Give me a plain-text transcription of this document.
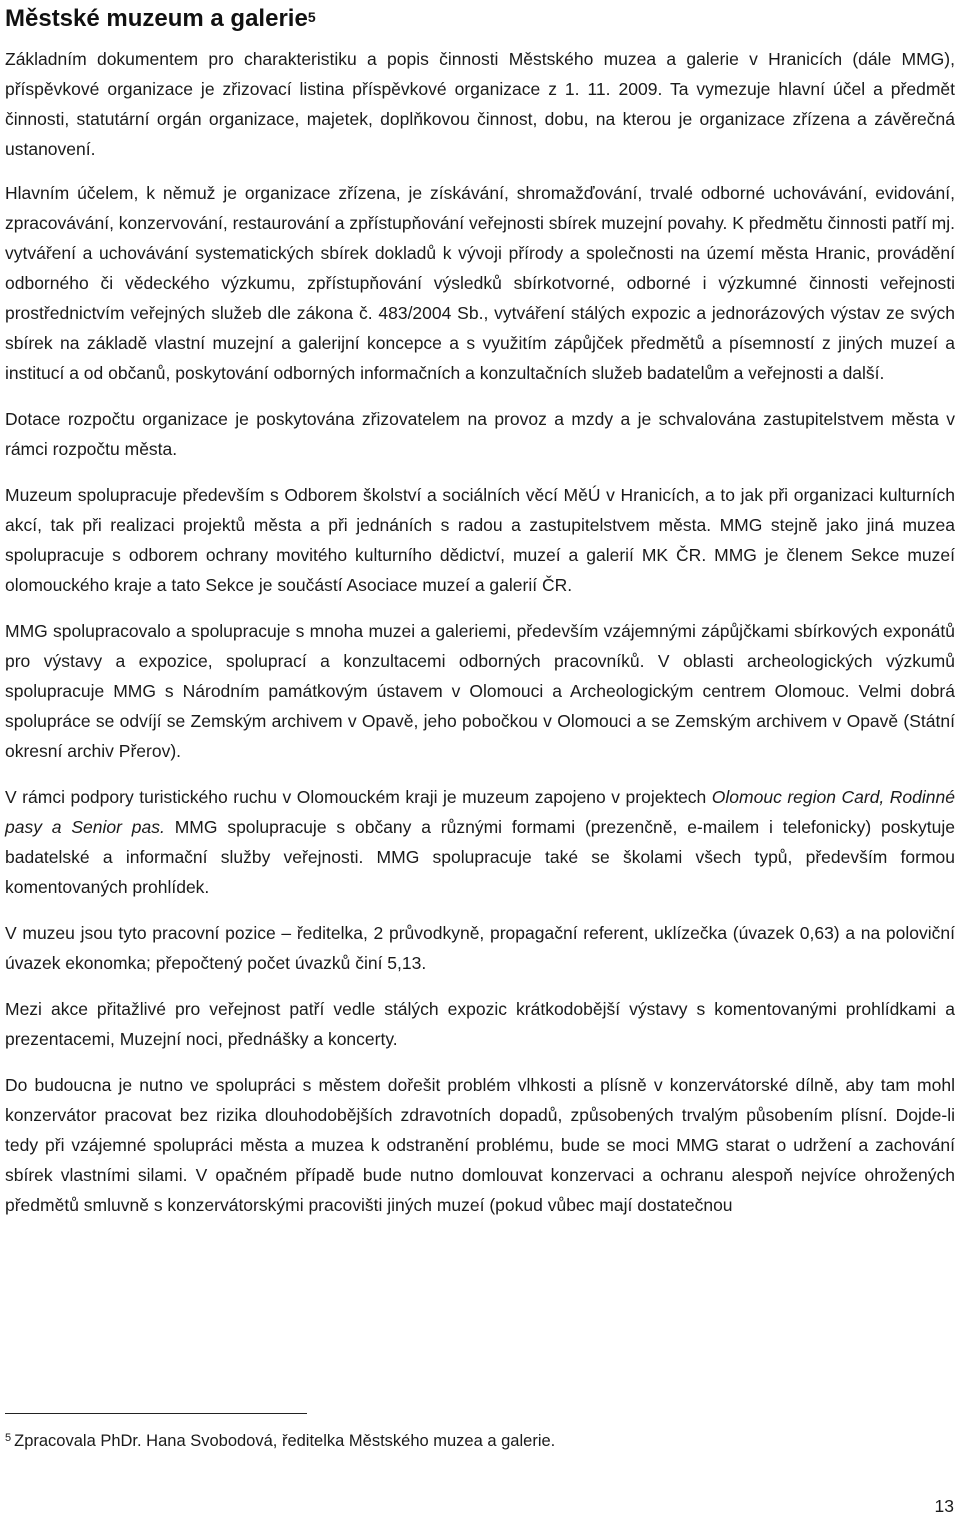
Městské muzeum a galerie$^5$

Základním dokumentem pro charakteristiku a popis činnosti Městského muzea a galerie v Hranicích (dále MMG), příspěvkové organizace je zřizovací listina příspěvkové organizace z 1. 11. 2009. Ta vymezuje hlavní účel a předmět činnosti, statutární orgán organizace, majetek, doplňkovou činnost, dobu, na kterou je organizace zřízena a závěrečná ustanovení.

Hlavním účelem, k němuž je organizace zřízena, je získávání, shromažďování, trvalé odborné uchovávání, evidování, zpracovávání, konzervování, restaurování a zpřístupňování veřejnosti sbírek muzejní povahy. K předmětu činnosti patří mj. vytváření a uchovávání systematických sbírek dokladů k vývoji přírody a společnosti na území města Hranic, provádění odborného či vědeckého výzkumu, zpřístupňování výsledků sbírkotvorné, odborné i výzkumné činnosti veřejnosti prostřednictvím veřejných služeb dle zákona č. 483/2004 Sb., vytváření stálých expozic a jednorázových výstav ze svých sbírek na základě vlastní muzejní a galerijní koncepce a s využitím zápůjček předmětů a písemností z jiných muzeí a institucí a od občanů, poskytování odborných informačních a konzultačních služeb badatelům a veřejnosti a další.

Dotace rozpočtu organizace je poskytována zřizovatelem na provoz a mzdy a je schvalována zastupitelstvem města v rámci rozpočtu města.

Muzeum spolupracuje především s Odborem školství a sociálních věcí MěÚ v Hranicích, a to jak při organizaci kulturních akcí, tak při realizaci projektů města a při jednáních s radou a zastupitelstvem města. MMG stejně jako jiná muzea spolupracuje s odborem ochrany movitého kulturního dědictví, muzeí a galerií MK ČR. MMG je členem Sekce muzeí olomouckého kraje a tato Sekce je součástí Asociace muzeí a galerií ČR.

MMG spolupracovalo a spolupracuje s mnoha muzei a galeriemi, především vzájemnými zápůjčkami sbírkových exponátů pro výstavy a expozice, spoluprací a konzultacemi odborných pracovníků. V oblasti archeologických výzkumů spolupracuje MMG s Národním památkovým ústavem v Olomouci a Archeologickým centrem Olomouc. Velmi dobrá spolupráce se odvíjí se Zemským archivem v Opavě, jeho pobočkou v Olomouci a se Zemským archivem v Opavě (Státní okresní archiv Přerov).

V rámci podpory turistického ruchu v Olomouckém kraji je muzeum zapojeno v projektech Olomouc region Card, Rodinné pasy a Senior pas. MMG spolupracuje s občany a různými formami (prezenčně, e-mailem i telefonicky) poskytuje badatelské a informační služby veřejnosti. MMG spolupracuje také se školami všech typů, především formou komentovaných prohlídek.

V muzeu jsou tyto pracovní pozice – ředitelka, 2 průvodkyně, propagační referent, uklízečka (úvazek 0,63) a na poloviční úvazek ekonomka; přepočtený počet úvazků činí 5,13.

Mezi akce přitažlivé pro veřejnost patří vedle stálých expozic krátkodobější výstavy s komentovanými prohlídkami a prezentacemi, Muzejní noci, přednášky a koncerty.

Do budoucna je nutno ve spolupráci s městem dořešit problém vlhkosti a plísně v konzervátorské dílně, aby tam mohl konzervátor pracovat bez rizika dlouhodobějších zdravotních dopadů, způsobených trvalým působením plísní. Dojde-li tedy při vzájemné spolupráci města a muzea k odstranění problému, bude se moci MMG starat o udržení a zachování sbírek vlastními silami. V opačném případě bude nutno domlouvat konzervaci a ochranu alespoň nejvíce ohrožených předmětů smluvně s konzervátorskými pracovišti jiných muzeí (pokud vůbec mají dostatečnou

$^5$ Zpracovala PhDr. Hana Svobodová, ředitelka Městského muzea a galerie.
13
